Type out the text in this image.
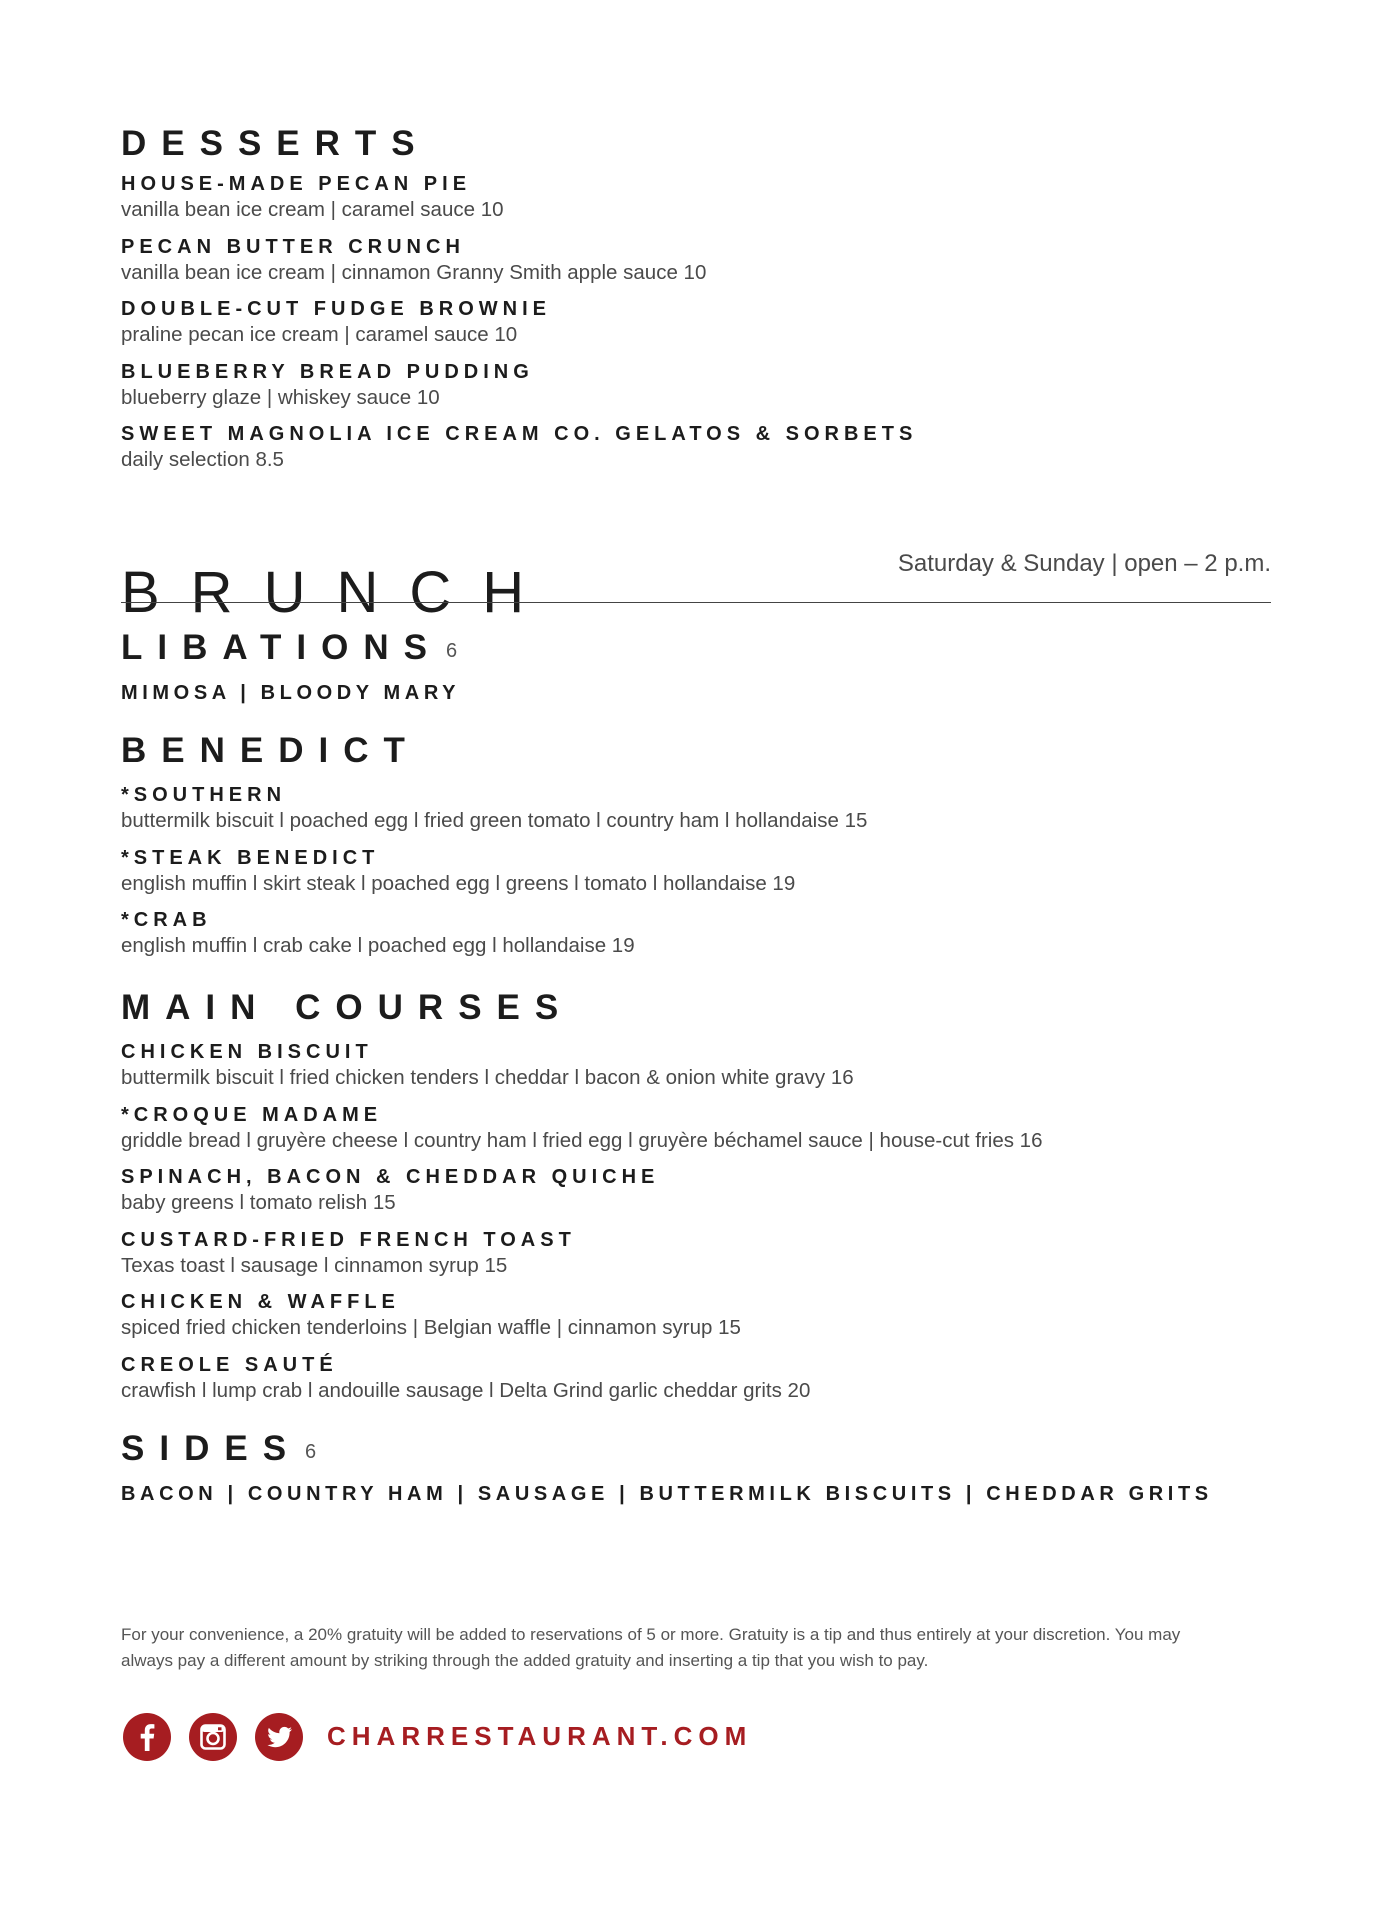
DESSERTS
HOUSE-MADE PECAN PIE
vanilla bean ice cream | caramel sauce 10
PECAN BUTTER CRUNCH
vanilla bean ice cream | cinnamon Granny Smith apple sauce 10
DOUBLE-CUT FUDGE BROWNIE
praline pecan ice cream | caramel sauce 10
BLUEBERRY BREAD PUDDING
blueberry glaze | whiskey sauce 10
SWEET MAGNOLIA ICE CREAM CO. GELATOS & SORBETS
daily selection 8.5
BRUNCH	Saturday & Sunday | open – 2 p.m.
LIBATIONS 6
MIMOSA | BLOODY MARY
BENEDICT
*SOUTHERN
buttermilk biscuit l poached egg l fried green tomato l country ham l hollandaise 15
*STEAK BENEDICT
english muffin l skirt steak l poached egg l greens l tomato l hollandaise 19
*CRAB
english muffin l crab cake l poached egg l hollandaise 19
MAIN COURSES
CHICKEN BISCUIT
buttermilk biscuit l fried chicken tenders l cheddar l bacon & onion white gravy 16
*CROQUE MADAME
griddle bread l gruyère cheese l country ham l fried egg l gruyère béchamel sauce | house-cut fries 16
SPINACH, BACON & CHEDDAR QUICHE
baby greens l tomato relish 15
CUSTARD-FRIED FRENCH TOAST
Texas toast l sausage l cinnamon syrup 15
CHICKEN & WAFFLE
spiced fried chicken tenderloins | Belgian waffle | cinnamon syrup 15
CREOLE SAUTÉ
crawfish l lump crab l andouille sausage l Delta Grind garlic cheddar grits 20
SIDES 6
BACON | COUNTRY HAM | SAUSAGE | BUTTERMILK BISCUITS | CHEDDAR GRITS
For your convenience, a 20% gratuity will be added to reservations of 5 or more. Gratuity is a tip and thus entirely at your discretion. You may
always pay a different amount by striking through the added gratuity and inserting a tip that you wish to pay.
CHARRESTAURANT.COM
